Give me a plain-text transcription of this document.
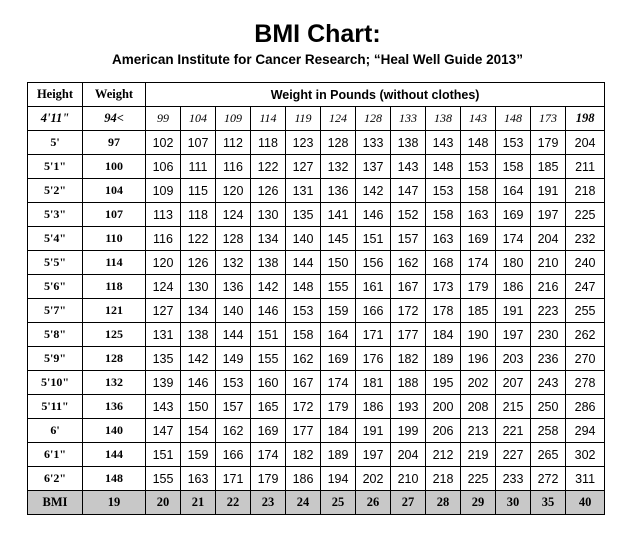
BMI Chart:
American Institute for Cancer Research; “Heal Well Guide 2013”
Height	Weight	Weight in Pounds (without clothes)												
4'11"	94<	99	104	109	114	119	124	128	133	138	143	148	173	198
5'	97	102	107	112	118	123	128	133	138	143	148	153	179	204
5'1"	100	106	111	116	122	127	132	137	143	148	153	158	185	211
5'2"	104	109	115	120	126	131	136	142	147	153	158	164	191	218
5'3"	107	113	118	124	130	135	141	146	152	158	163	169	197	225
5'4"	110	116	122	128	134	140	145	151	157	163	169	174	204	232
5'5"	114	120	126	132	138	144	150	156	162	168	174	180	210	240
5'6"	118	124	130	136	142	148	155	161	167	173	179	186	216	247
5'7"	121	127	134	140	146	153	159	166	172	178	185	191	223	255
5'8"	125	131	138	144	151	158	164	171	177	184	190	197	230	262
5'9"	128	135	142	149	155	162	169	176	182	189	196	203	236	270
5'10"	132	139	146	153	160	167	174	181	188	195	202	207	243	278
5'11"	136	143	150	157	165	172	179	186	193	200	208	215	250	286
6'	140	147	154	162	169	177	184	191	199	206	213	221	258	294
6'1"	144	151	159	166	174	182	189	197	204	212	219	227	265	302
6'2"	148	155	163	171	179	186	194	202	210	218	225	233	272	311
BMI	19	20	21	22	23	24	25	26	27	28	29	30	35	40
